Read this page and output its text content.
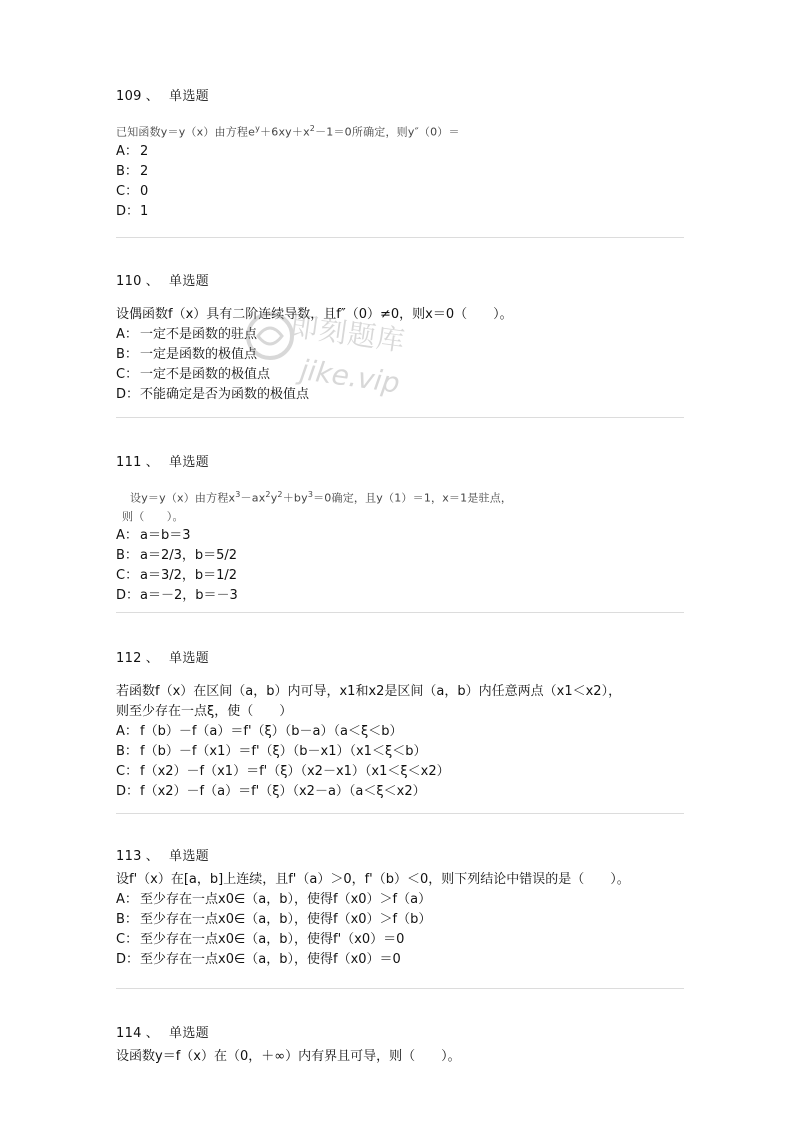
109 、 单选题
已知函数y＝y（x）由方程$e^y+6xy+x^2-1=0$所确定，则y″（0）＝
A： 2
B： 2
C： 0
D：1
110 、 单选题
设偶函数f（x）具有二阶连续导数，且f″（0）≠0，则x＝0（　　）。
A： 一定不是函数的驻点
B： 一定是函数的极值点
C： 一定不是函数的极值点
D：不能确定是否为函数的极值点
111 、 单选题
设y＝y（x）由方程$x^3-ax^2y^2+by^3=0$确定，且y（1）＝1，x＝1是驻点，
则（　　）。
A： a＝b＝3
B： a＝2/3，b＝5/2
C： a＝3/2，b＝1/2
D：a＝－2，b＝－3
112 、 单选题
若函数f（x）在区间（a，b）内可导，x1和x2是区间（a，b）内任意两点（x1＜x2），
则至少存在一点ξ，使（　　）
A： f（b）－f（a）＝f'（ξ）（b－a）（a＜ξ＜b）
B： f（b）－f（x1）＝f'（ξ）（b－x1）（x1＜ξ＜b）
C： f（x2）－f（x1）＝f'（ξ）（x2－x1）（x1＜ξ＜x2）
D：f（x2）－f（a）＝f'（ξ）（x2－a）（a＜ξ＜x2）
113 、 单选题
设f'（x）在[a，b]上连续，且f'（a）＞0，f'（b）＜0，则下列结论中错误的是（　　）。
A： 至少存在一点x0∈（a，b），使得f（x0）＞f（a）
B： 至少存在一点x0∈（a，b），使得f（x0）＞f（b）
C： 至少存在一点x0∈（a，b），使得f'（x0）＝0
D：至少存在一点x0∈（a，b），使得f（x0）＝0
114 、 单选题
设函数y＝f（x）在（0，＋∞）内有界且可导，则（　　）。
即刻题库
jike.vip
